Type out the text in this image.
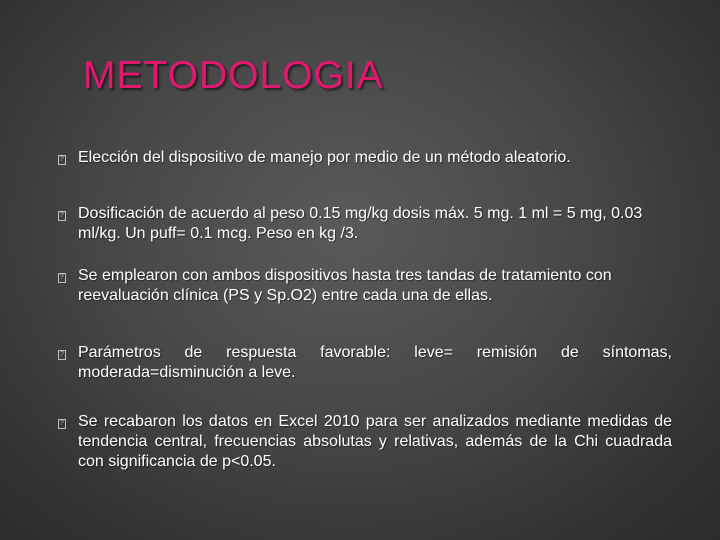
METODOLOGIA
? Elección del dispositivo de manejo por medio de un método aleatorio.
? Dosificación de acuerdo al peso 0.15 mg/kg dosis máx. 5 mg. 1 ml = 5 mg, 0.03 ml/kg. Un puff= 0.1 mcg. Peso en kg /3.
? Se emplearon con ambos dispositivos hasta tres tandas de tratamiento con reevaluación clínica (PS y Sp.O2) entre cada una de ellas.
? Parámetros de respuesta favorable: leve= remisión de síntomas, moderada=disminución a leve.
? Se recabaron los datos en Excel 2010 para ser analizados mediante medidas de tendencia central, frecuencias absolutas y relativas, además de la Chi cuadrada con significancia de p<0.05.
